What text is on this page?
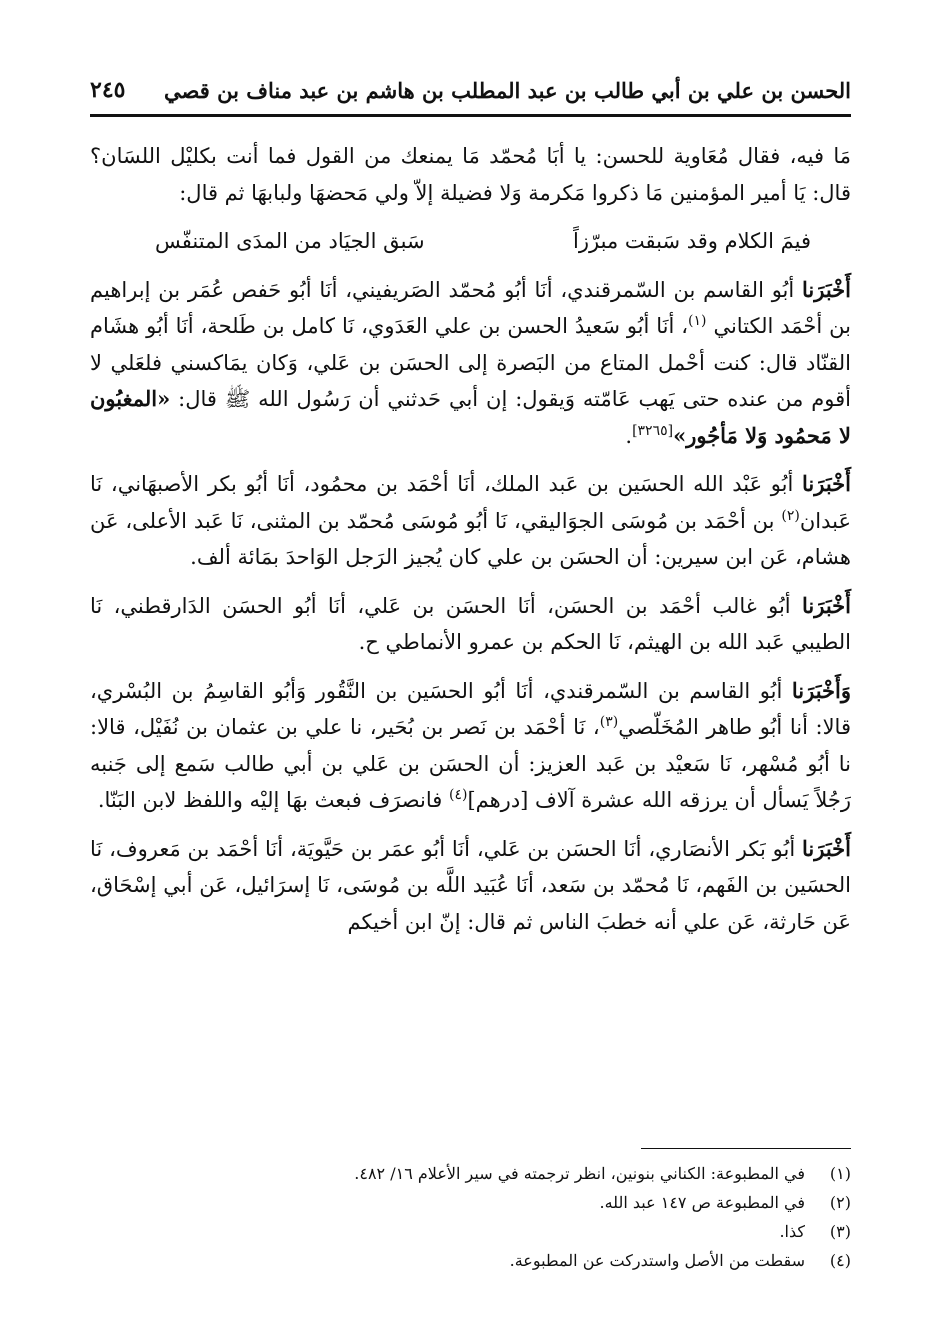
الحسن بن علي بن أبي طالب بن عبد المطلب بن هاشم بن عبد مناف بن قصي
٢٤٥

مَا فيه، فقال مُعَاوية للحسن: يا أبَا مُحمّد مَا يمنعك من القول فما أنت بكليْل اللسَان؟ قال: يَا أمير المؤمنين مَا ذكروا مَكرمة وَلا فضيلة إلاّ ولي مَحضهَا ولبابهَا ثم قال:

فيمَ الكلام وقد سَبقت مبرّزاً
سَبق الجيَاد من المدَى المتنفّس

أَخْبَرَنا أبُو القاسم بن السّمرقندي، أنَا أبُو مُحمّد الصَريفيني، أنَا أبُو حَفص عُمَر بن إبراهيم بن أحْمَد الكتاني $^{(١)}$، أنَا أبُو سَعيدُ الحسن بن علي العَدَوي، نَا كامل بن طَلحة، أنَا أبُو هشَام القنّاد قال: كنت أحْمل المتاع من البَصرة إلى الحسَن بن عَلي، وَكان يمَاكسني فلعَلي لا أقوم من عنده حتى يَهب عَامّته وَيقول: إن أبي حَدثني أن رَسُول الله ﷺ قال: «المغبُون لا مَحمُود وَلا مَأجُور»[٣٢٦٥].

أَخْبَرَنا أبُو عَبْد الله الحسَين بن عَبد الملك، أنَا أحْمَد بن محمُود، أنَا أبُو بكر الأصبهَاني، نَا عَبدان$^{(٢)}$ بن أحْمَد بن مُوسَى الجوَاليقي، نَا أبُو مُوسَى مُحمّد بن المثنى، نَا عَبد الأعلى، عَن هشام، عَن ابن سيرين: أن الحسَن بن علي كان يُجيز الرَجل الوَاحدَ بمَائة ألف.

أَخْبَرَنا أبُو غالب أحْمَد بن الحسَن، أنَا الحسَن بن عَلي، أنَا أبُو الحسَن الدَارقطني، نَا الطيبي عَبد الله بن الهيثم، نَا الحكم بن عمرو الأنماطي ح.

وَأَخْبَرَنا أبُو القاسم بن السّمرقندي، أنَا أبُو الحسَين بن النَّقُور وَأبُو القاسِمُ بن البُسْري، قالا: أنا أبُو طاهر المُخَلّصي$^{(٣)}$، نَا أحْمَد بن نَصر بن بُحَير، نا علي بن عثمان بن نُفَيْل، قالا: نا أبُو مُسْهر، نَا سَعيْد بن عَبد العزيز: أن الحسَن بن عَلي بن أبي طالب سَمع إلى جَنبه رَجُلاً يَسأل أن يرزقه الله عشرة آلاف [درهم]$^{(٤)}$ فانصرَف فبعث بهَا إليْه واللفظ لابن البَنّا.

أَخْبَرَنا أبُو بَكر الأنصَاري، أنَا الحسَن بن عَلي، أنَا أبُو عمَر بن حَيَّويَة، أنَا أحْمَد بن مَعروف، نَا الحسَين بن الفَهم، نَا مُحمّد بن سَعد، أنَا عُبَيد اللَّه بن مُوسَى، نَا إسرَائيل، عَن أبي إسْحَاق، عَن حَارثة، عَن علي أنه خطبَ الناس ثم قال: إنّ ابن أخيكم

(١)
في المطبوعة: الكناني بنونين، انظر ترجمته في سير الأعلام ١٦/ ٤٨٢.
(٢)
في المطبوعة ص ١٤٧ عبد الله.
(٣)
كذا.
(٤)
سقطت من الأصل واستدركت عن المطبوعة.
